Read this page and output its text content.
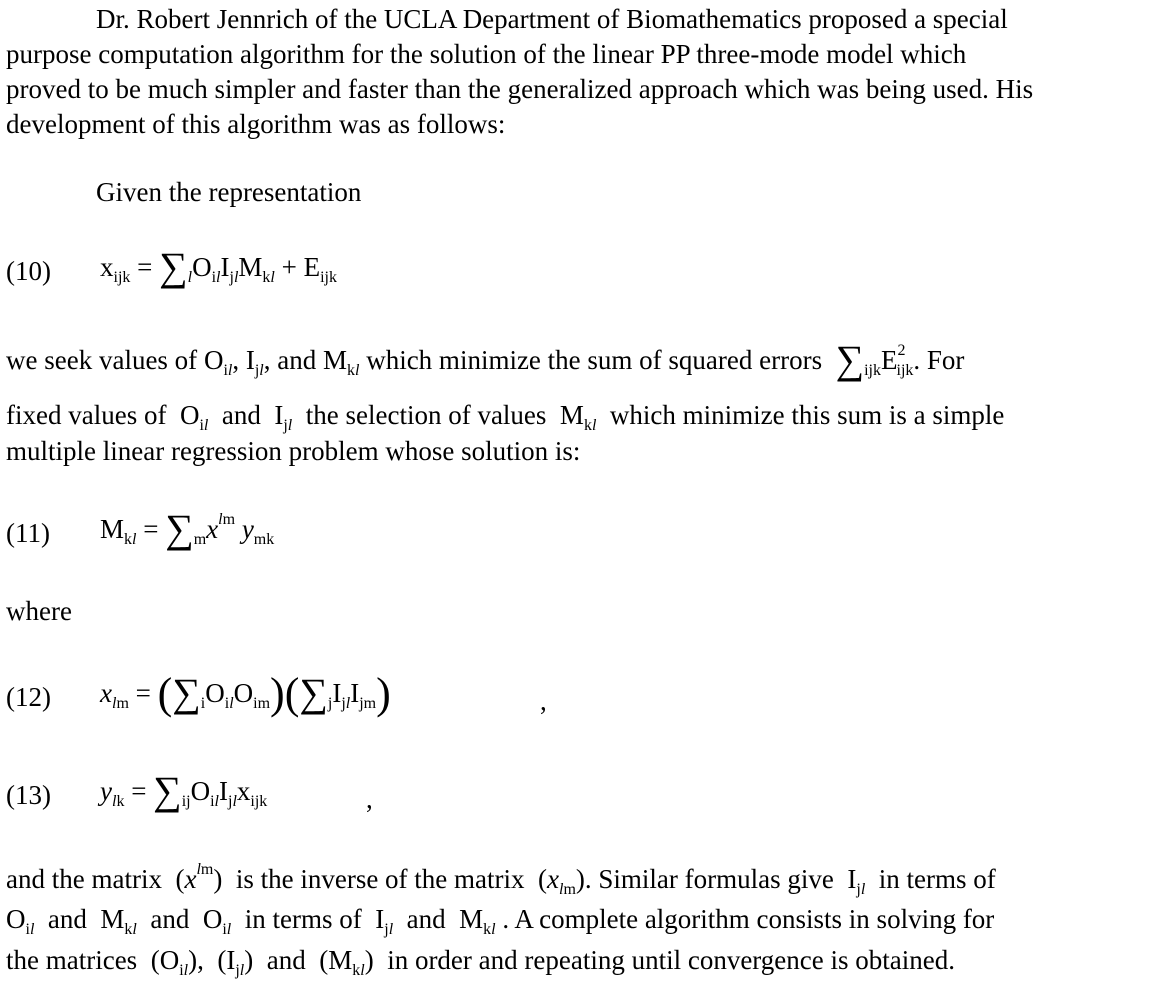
Dr. Robert Jennrich of the UCLA Department of Biomathematics proposed a special
purpose computation algorithm for the solution of the linear PP three-mode model which
proved to be much simpler and faster than the generalized approach which was being used. His
development of this algorithm was as follows:
Given the representation
(10) $x_{ijk} = \sum_lO_{il}I_{jl}M_{kl} + E_{ijk}$
we seek values of $O_{il}$, $I_{jl}$, and $M_{kl}$ which minimize the sum of squared errors $\sum_{ijk}E^2_{ijk}$. For
fixed values of  $O_{il}$ and  $I_{jl}$ the selection of values  $M_{kl}$ which minimize this sum is a simple
multiple linear regression problem whose solution is:
(11) $M_{kl} = \sum_mx^{lm}$ $y_{mk}$
where
(12) $x_{lm} = (\sum_iO_{il}O_{im})(\sum_jI_{jl}I_{jm})$	,
(13) $y_{lk} = \sum_{ij}O_{il}I_{jl}x_{ijk}$	,
and the matrix  $(x^{lm})$  is the inverse of the matrix  $(x_{lm})$. Similar formulas give  $I_{jl}$ in terms of
$O_{il}$ and  $M_{kl}$ and  $O_{il}$ in terms of  $I_{jl}$ and  $M_{kl}$ . A complete algorithm consists in solving for
the matrices  $(O_{il})$,  $(I_{jl})$  and  $(M_{kl})$  in order and repeating until convergence is obtained.
